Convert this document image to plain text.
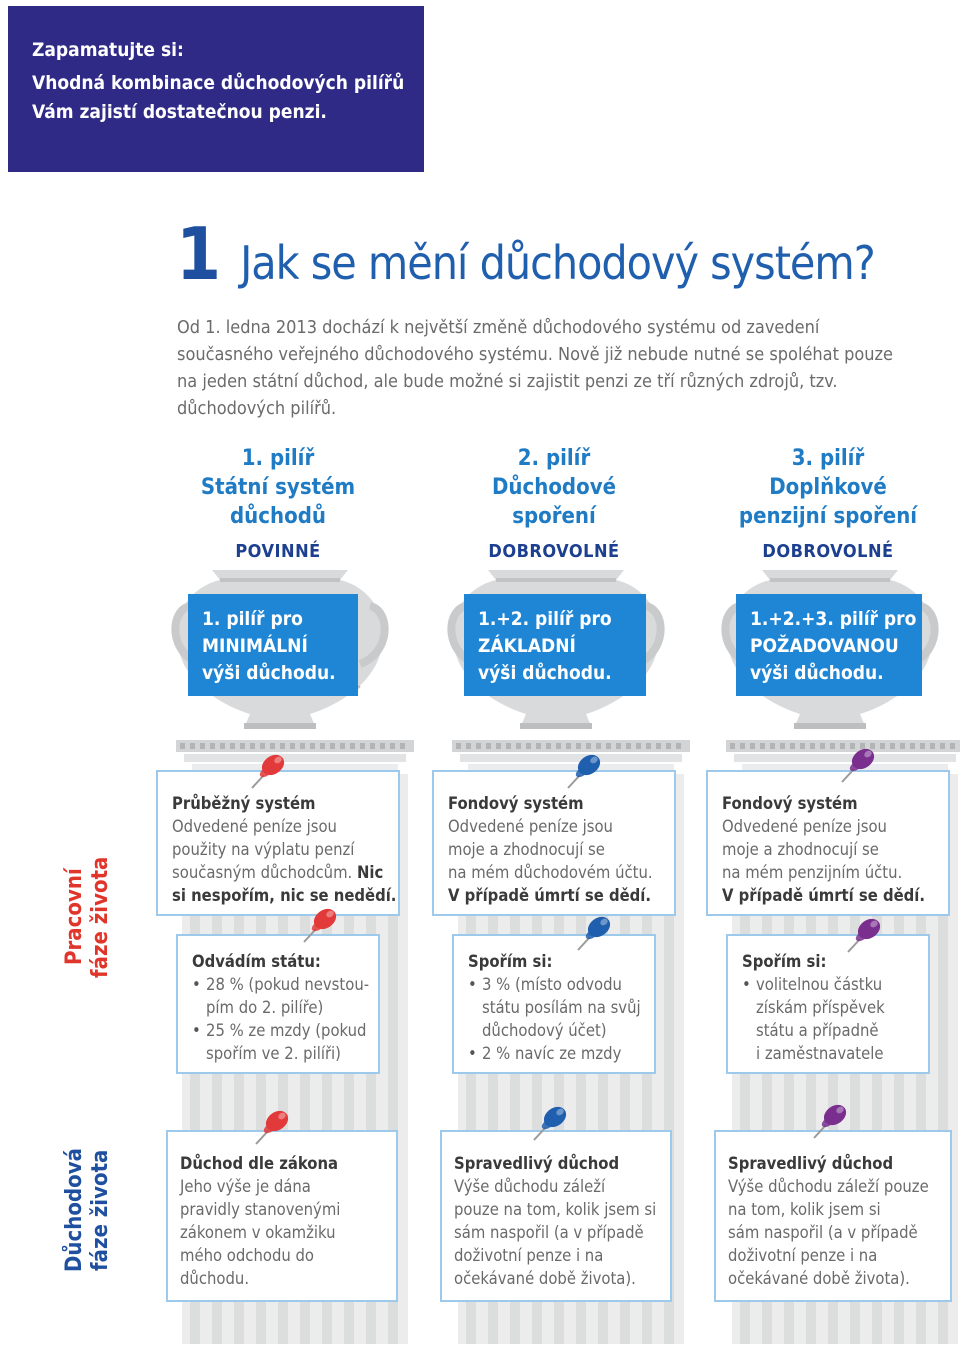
Zapamatujte si:
Vhodná kombinace důchodových pilířů
Vám zajistí dostatečnou penzi.
1 Jak se mění důchodový systém?

Od 1. ledna 2013 dochází k největší změně důchodového systému od zavedení současného veřejného důchodového systému. Nově již nebude nutné se spoléhat pouze na jeden státní důchod, ale bude možné si zajistit penzi ze tří různých zdrojů, tzv. důchodových pilířů.

1. pilíř
Státní systém
důchodů
POVINNÉ
2. pilíř
Důchodové
spoření
DOBROVOLNÉ
3. pilíř
Doplňkové
penzijní spoření
DOBROVOLNÉ
1. pilíř pro
MINIMÁLNÍ
výši důchodu.
1.+2. pilíř pro
ZÁKLADNÍ
výši důchodu.
1.+2.+3. pilíř pro
POŽADOVANOU
výši důchodu.
Pracovní fáze života
Důchodová fáze života
Průběžný systém
Odvedené peníze jsou
použity na výplatu penzí
současným důchodcům. Nic
si nespořím, nic se nedědí.
Fondový systém
Odvedené peníze jsou
moje a zhodnocují se
na mém důchodovém účtu.
V případě úmrtí se dědí.
Fondový systém
Odvedené peníze jsou
moje a zhodnocují se
na mém penzijním účtu.
V případě úmrtí se dědí.
Odvádím státu:
• 28 % (pokud nevstou-
pím do 2. pilíře)
• 25 % ze mzdy (pokud
spořím ve 2. pilíři)
Spořím si:
• 3 % (místo odvodu
státu posílám na svůj
důchodový účet)
• 2 % navíc ze mzdy
Spořím si:
• volitelnou částku
získám příspěvek
státu a případně
i zaměstnavatele
Důchod dle zákona
Jeho výše je dána
pravidly stanovenými
zákonem v okamžiku
mého odchodu do
důchodu.
Spravedlivý důchod
Výše důchodu záleží
pouze na tom, kolik jsem si
sám naspořil (a v případě
doživotní penze i na
očekávané době života).
Spravedlivý důchod
Výše důchodu záleží pouze
na tom, kolik jsem si
sám naspořil (a v případě
doživotní penze i na
očekávané době života).
